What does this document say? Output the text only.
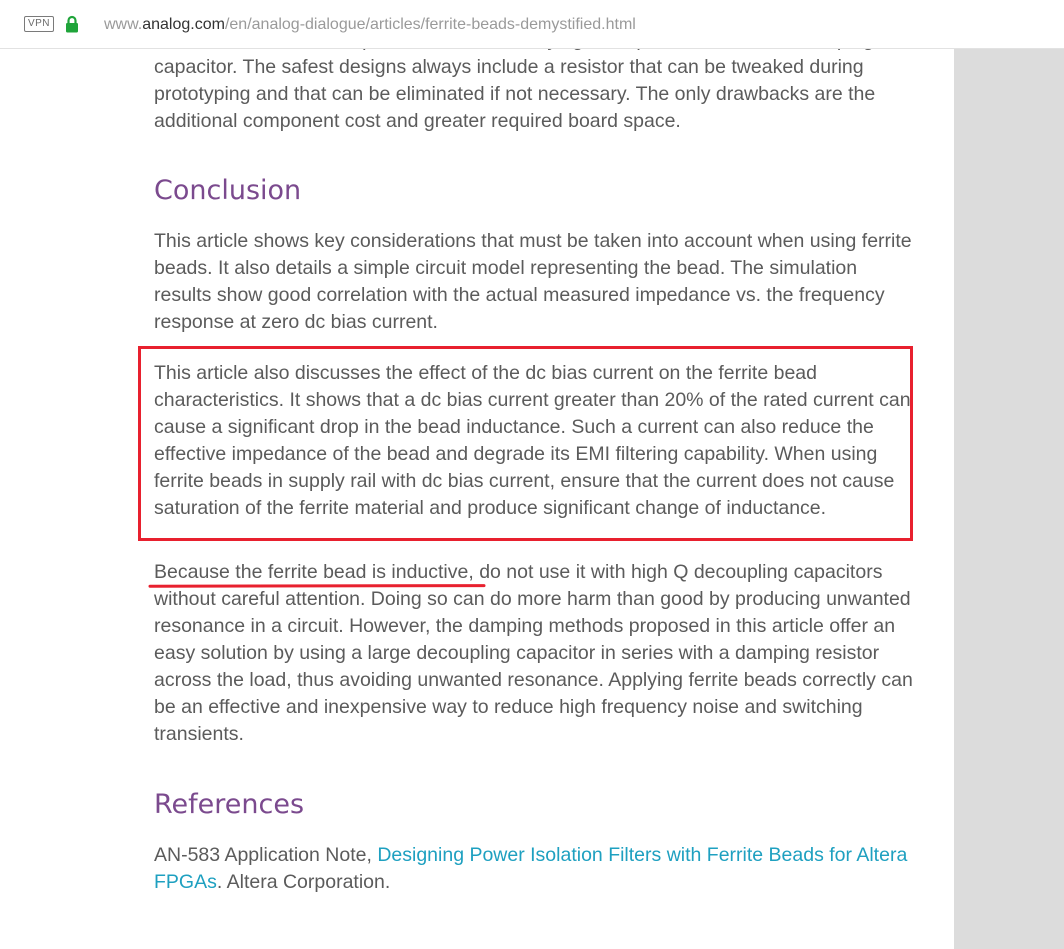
VPN	www.analog.com/en/analog-dialogue/articles/ferrite-beads-demystified.html

capacitor. The safest designs always include a resistor that can be tweaked during prototyping and that can be eliminated if not necessary. The only drawbacks are the additional component cost and greater required board space.

Conclusion

This article shows key considerations that must be taken into account when using ferrite beads. It also details a simple circuit model representing the bead. The simulation results show good correlation with the actual measured impedance vs. the frequency response at zero dc bias current.

This article also discusses the effect of the dc bias current on the ferrite bead characteristics. It shows that a dc bias current greater than 20% of the rated current can cause a significant drop in the bead inductance. Such a current can also reduce the effective impedance of the bead and degrade its EMI filtering capability. When using ferrite beads in supply rail with dc bias current, ensure that the current does not cause saturation of the ferrite material and produce significant change of inductance.

Because the ferrite bead is inductive, do not use it with high Q decoupling capacitors without careful attention. Doing so can do more harm than good by producing unwanted resonance in a circuit. However, the damping methods proposed in this article offer an easy solution by using a large decoupling capacitor in series with a damping resistor across the load, thus avoiding unwanted resonance. Applying ferrite beads correctly can be an effective and inexpensive way to reduce high frequency noise and switching transients.

References

AN-583 Application Note, Designing Power Isolation Filters with Ferrite Beads for Altera FPGAs. Altera Corporation.
